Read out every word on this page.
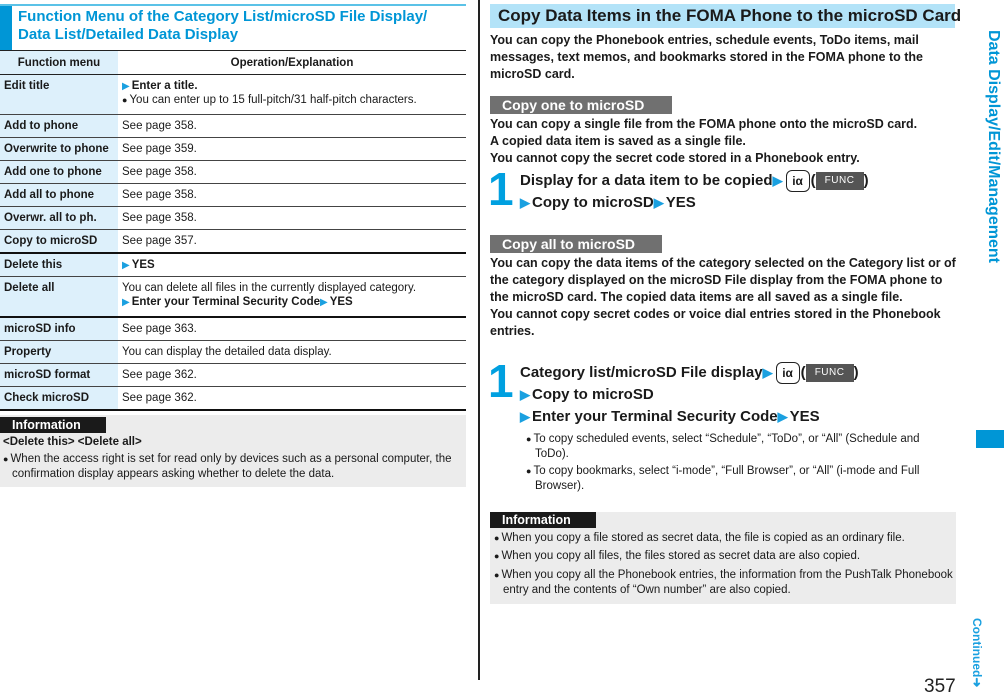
Function Menu of the Category List/microSD File Display/
Data List/Detailed Data Display
Function menu	Operation/Explanation
Edit title	▶ Enter a title.
● You can enter up to 15 full-pitch/31 half-pitch characters.

Add to phone	See page 358.
Overwrite to phone	See page 359.
Add one to phone	See page 358.
Add all to phone	See page 358.
Overwr. all to ph.	See page 358.
Copy to microSD	See page 357.
Delete this	▶ YES
Delete all	You can delete all files in the currently displayed category.
▶ Enter your Terminal Security Code▶ YES

microSD info	See page 363.
Property	You can display the detailed data display.
microSD format	See page 362.
Check microSD	See page 362.
Information
<Delete this> <Delete all>
● When the access right is set for read only by devices such as a personal computer, the confirmation display appears asking whether to delete the data.
Copy Data Items in the FOMA Phone to the microSD Card
You can copy the Phonebook entries, schedule events, ToDo items, mail messages, text memos, and bookmarks stored in the FOMA phone to the microSD card.
Copy one to microSD
You can copy a single file from the FOMA phone onto the microSD card.
A copied data item is saved as a single file.
You cannot copy the secret code stored in a Phonebook entry.
1 Display for a data item to be copied▶ iα ( FUNC )
▶ Copy to microSD▶ YES
Copy all to microSD
You can copy the data items of the category selected on the Category list or of the category displayed on the microSD File display from the FOMA phone to the microSD card. The copied data items are all saved as a single file.
You cannot copy secret codes or voice dial entries stored in the Phonebook entries.
1 Category list/microSD File display▶ iα ( FUNC )
▶ Copy to microSD
▶ Enter your Terminal Security Code▶ YES
● To copy scheduled events, select “Schedule”, “ToDo”, or “All” (Schedule and ToDo).
● To copy bookmarks, select “i-mode”, “Full Browser”, or “All” (i-mode and Full Browser).
Information
● When you copy a file stored as secret data, the file is copied as an ordinary file.
● When you copy all files, the files stored as secret data are also copied.
● When you copy all the Phonebook entries, the information from the PushTalk Phonebook entry and the contents of “Own number” are also copied.
Data Display/Edit/Management
Continued➜
357
